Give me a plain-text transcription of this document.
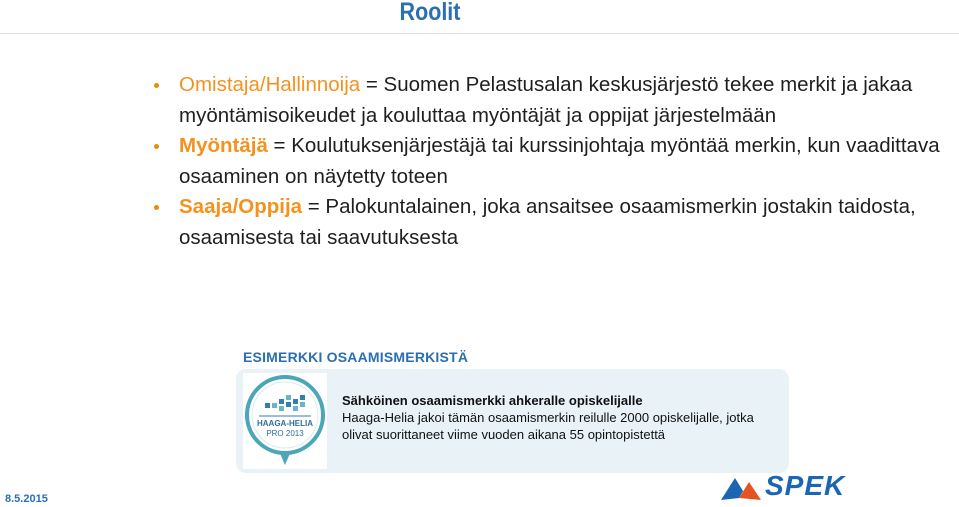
Roolit
Omistaja/Hallinnoija = Suomen Pelastusalan keskusjärjestö tekee merkit ja jakaa myöntämisoikeudet ja kouluttaa myöntäjät ja oppijat järjestelmään
Myöntäjä = Koulutuksenjärjestäjä tai kurssinjohtaja myöntää merkin, kun vaadittava osaaminen on näytetty toteen
Saaja/Oppija = Palokuntalainen, joka ansaitsee osaamismerkin jostakin taidosta, osaamisesta tai saavutuksesta
ESIMERKKI OSAAMISMERKISTÄ
HAAGA-HELIA
PRO 2013
Sähköinen osaamismerkki ahkeralle opiskelijalle
Haaga-Helia jakoi tämän osaamismerkin reilulle 2000 opiskelijalle, jotka olivat suorittaneet viime vuoden aikana 55 opintopistettä
8.5.2015	SPEK
